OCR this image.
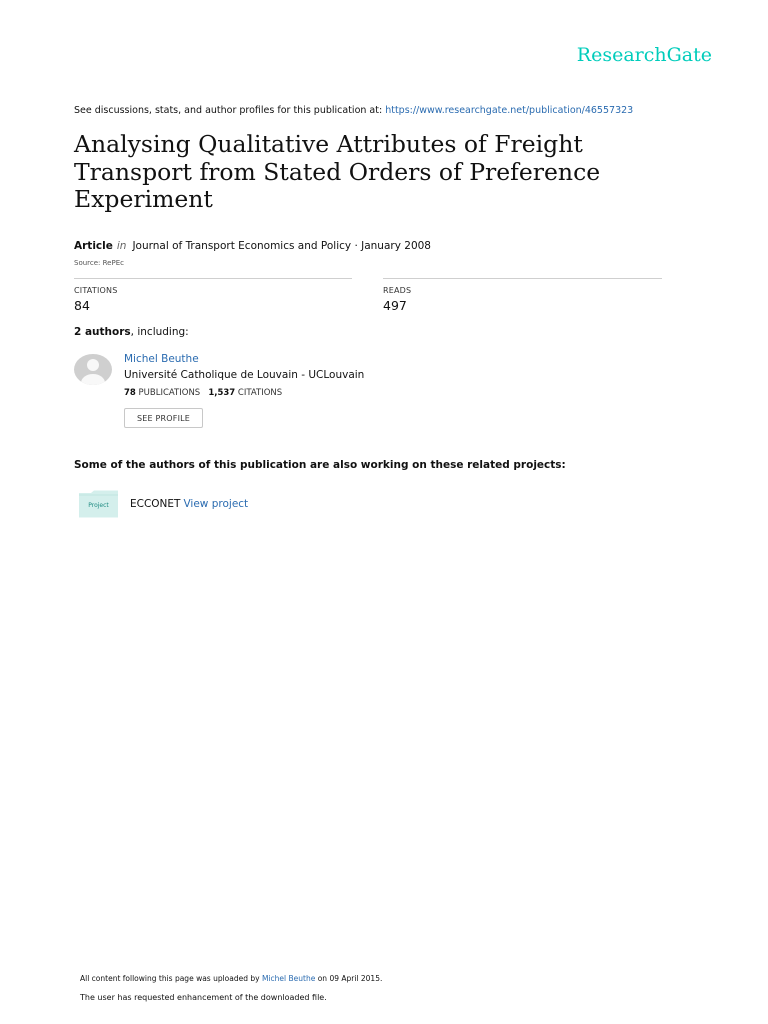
ResearchGate
See discussions, stats, and author profiles for this publication at: https://www.researchgate.net/publication/46557323
Analysing Qualitative Attributes of Freight
Transport from Stated Orders of Preference
Experiment
Article in Journal of Transport Economics and Policy · January 2008
Source: RePEc
CITATIONS
84
READS
497
2 authors, including:
Michel Beuthe
Université Catholique de Louvain - UCLouvain
78 PUBLICATIONS 1,537 CITATIONS
SEE PROFILE
Some of the authors of this publication are also working on these related projects:
Project	ECCONET View project
All content following this page was uploaded by Michel Beuthe on 09 April 2015.
The user has requested enhancement of the downloaded file.
